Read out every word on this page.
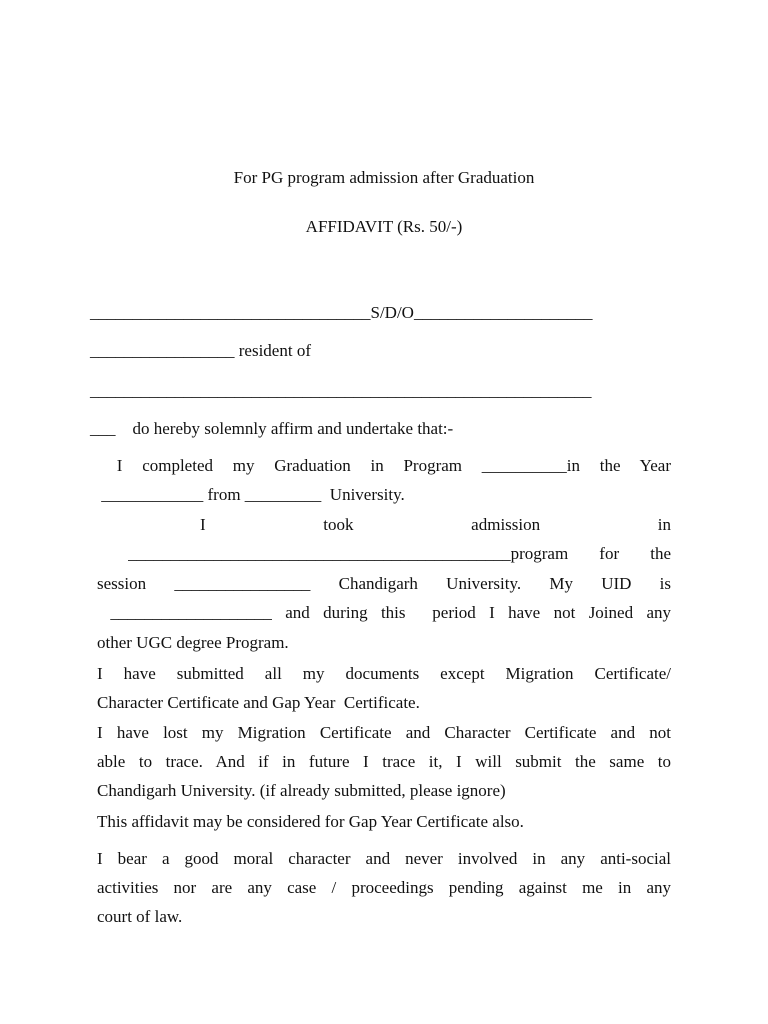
For PG program admission after Graduation
AFFIDAVIT (Rs. 50/-)
_________________________________S/D/O_____________________
_________________ resident of
___________________________________________________________
___    do hereby solemnly affirm and undertake that:-
I completed my Graduation in Program __________in the Year
____________ from _________  University.
I took admission in
_____________________________________________program for the
session ________________ Chandigarh University. My UID is
___________________ and during this  period I have not Joined any
other UGC degree Program.
I have submitted all my documents except Migration Certificate/
Character Certificate and Gap Year  Certificate.
I have lost my Migration Certificate and Character Certificate and not
able to trace. And if in future I trace it, I will submit the same to
Chandigarh University. (if already submitted, please ignore)
This affidavit may be considered for Gap Year Certificate also.
I bear a good moral character and never involved in any anti-social
activities nor are any case / proceedings pending against me in any
court of law.
